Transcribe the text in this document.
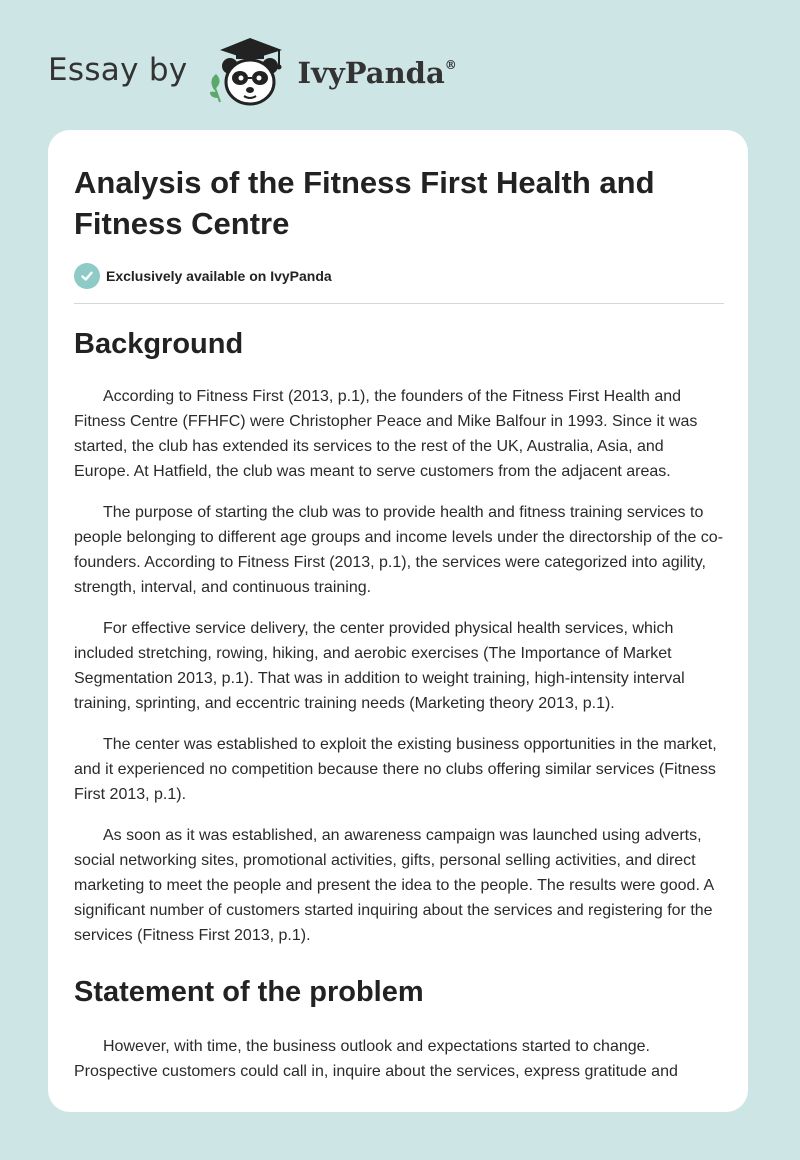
Essay by	IvyPanda®
Analysis of the Fitness First Health and Fitness Centre
Exclusively available on IvyPanda
Background

According to Fitness First (2013, p.1), the founders of the Fitness First Health and Fitness Centre (FFHFC) were Christopher Peace and Mike Balfour in 1993. Since it was started, the club has extended its services to the rest of the UK, Australia, Asia, and Europe. At Hatfield, the club was meant to serve customers from the adjacent areas.

The purpose of starting the club was to provide health and fitness training services to people belonging to different age groups and income levels under the directorship of the co-founders. According to Fitness First (2013, p.1), the services were categorized into agility, strength, interval, and continuous training.

For effective service delivery, the center provided physical health services, which included stretching, rowing, hiking, and aerobic exercises (The Importance of Market Segmentation 2013, p.1). That was in addition to weight training, high-intensity interval training, sprinting, and eccentric training needs (Marketing theory 2013, p.1).

The center was established to exploit the existing business opportunities in the market, and it experienced no competition because there no clubs offering similar services (Fitness First 2013, p.1).

As soon as it was established, an awareness campaign was launched using adverts, social networking sites, promotional activities, gifts, personal selling activities, and direct marketing to meet the people and present the idea to the people. The results were good. A significant number of customers started inquiring about the services and registering for the services (Fitness First 2013, p.1).

Statement of the problem

However, with time, the business outlook and expectations started to change. Prospective customers could call in, inquire about the services, express gratitude and
